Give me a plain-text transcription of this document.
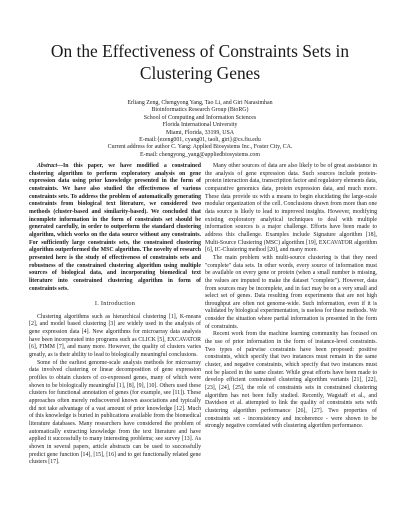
On the Effectiveness of Constraints Sets in Clustering Genes
Erliang Zeng, Chengyong Yang, Tao Li, and Giri Narasimhan
Bioinformatics Research Group (BioRG)
School of Computing and Information Sciences
Florida International University
Miami, Florida, 33199, USA
E-mail:{ezeng001, cyang01, taoli, giri}@cs.fiu.edu
Current address for author C. Yang: Applied Biosystems Inc., Foster City, CA.
E-mail: chengyong_yang@appliedbiosystems.com

Abstract—In this paper, we have modified a constrained clustering algorithm to perform exploratory analysis on gene expression data using prior knowledge presented in the form of constraints. We have also studied the effectiveness of various constraints sets. To address the problem of automatically generating constraints from biological text literature, we considered two methods (cluster-based and similarity-based). We concluded that incomplete information in the form of constraints set should be generated carefully, in order to outperform the standard clustering algorithm, which works on the data source without any constraints. For sufficiently large constraints sets, the constrained clustering algorithm outperformed the MSC algorithm. The novelty of research presented here is the study of effectiveness of constraints sets and robustness of the constrained clustering algorithm using multiple sources of biological data, and incorporating biomedical text literature into constrained clustering algorithm in form of constraints sets.

I. Introduction

Clustering algorithms such as hierarchical clustering [1], K-means [2], and model based clustering [3] are widely used in the analysis of gene expression data [4]. New algorithms for microarray data analysis have been incorporated into programs such as CLICK [5], EXCAVATOR [6], FIMM [7], and many more. However, the quality of clusters varies greatly, as is their ability to lead to biologically meaningful conclusions.

Some of the earliest genome-scale analysis methods for microarray data involved clustering or linear decomposition of gene expression profiles to obtain clusters of co-expressed genes, many of which were shown to be biologically meaningful [1], [8], [9], [10]. Others used these clusters for functional annotation of genes (for example, see [11]). These approaches often merely rediscovered known associations and typically did not take advantage of a vast amount of prior knowledge [12]. Much of this knowledge is buried in publications available from the biomedical literature databases. Many researchers have considered the problem of automatically extracting knowledge from the text literature and have applied it successfully to many interesting problems; see survey [13]. As shown in several papers, article abstracts can be used to successfully predict gene function [14], [15], [16] and to get functionally related gene clusters [17].

Many other sources of data are also likely to be of great assistance in the analysis of gene expression data. Such sources include protein-protein interaction data, transcription factor and regulatory elements data, comparative genomics data, protein expression data, and much more. These data provide us with a means to begin elucidating the large-scale modular organization of the cell. Conclusions drawn from more than one data source is likely to lead to improved insights. However, modifying existing exploratory analytical techniques to deal with multiple information sources is a major challenge. Efforts have been made to address this challenge. Examples include Signature algorithm [18], Multi-Source Clustering (MSC) algorithm [19], EXCAVATOR algorithm [6], IC-Clustering method [20], and many more.

The main problem with multi-source clustering is that they need "complete" data sets. In other words, every source of information must be available on every gene or protein (when a small number is missing, the values are imputed to make the dataset "complete"). However, data from sources may be incomplete, and in fact may be on a very small and select set of genes. Data resulting from experiments that are not high throughput are often not genome-wide. Such information, even if it is validated by biological experimentation, is useless for these methods. We consider the situation where partial information is presented in the form of constraints.

Recent work from the machine learning community has focused on the use of prior information in the form of instance-level constraints. Two types of pairwise constraints have been proposed: positive constraints, which specify that two instances must remain in the same cluster, and negative constraints, which specify that two instances must not be placed in the same cluster. While great efforts have been made to develop efficient constrained clustering algorithm variants [21], [22], [23], [24], [25], the role of constraints sets in constrained clustering algorithm has not been fully studied. Recently, Wagstaff et al., and Davidson et al. attempted to link the quality of constraints sets with clustering algorithm performance [26], [27]. Two properties of constraints set - inconsistency and incoherence - were shown to be strongly negative correlated with clustering algorithm performance.
